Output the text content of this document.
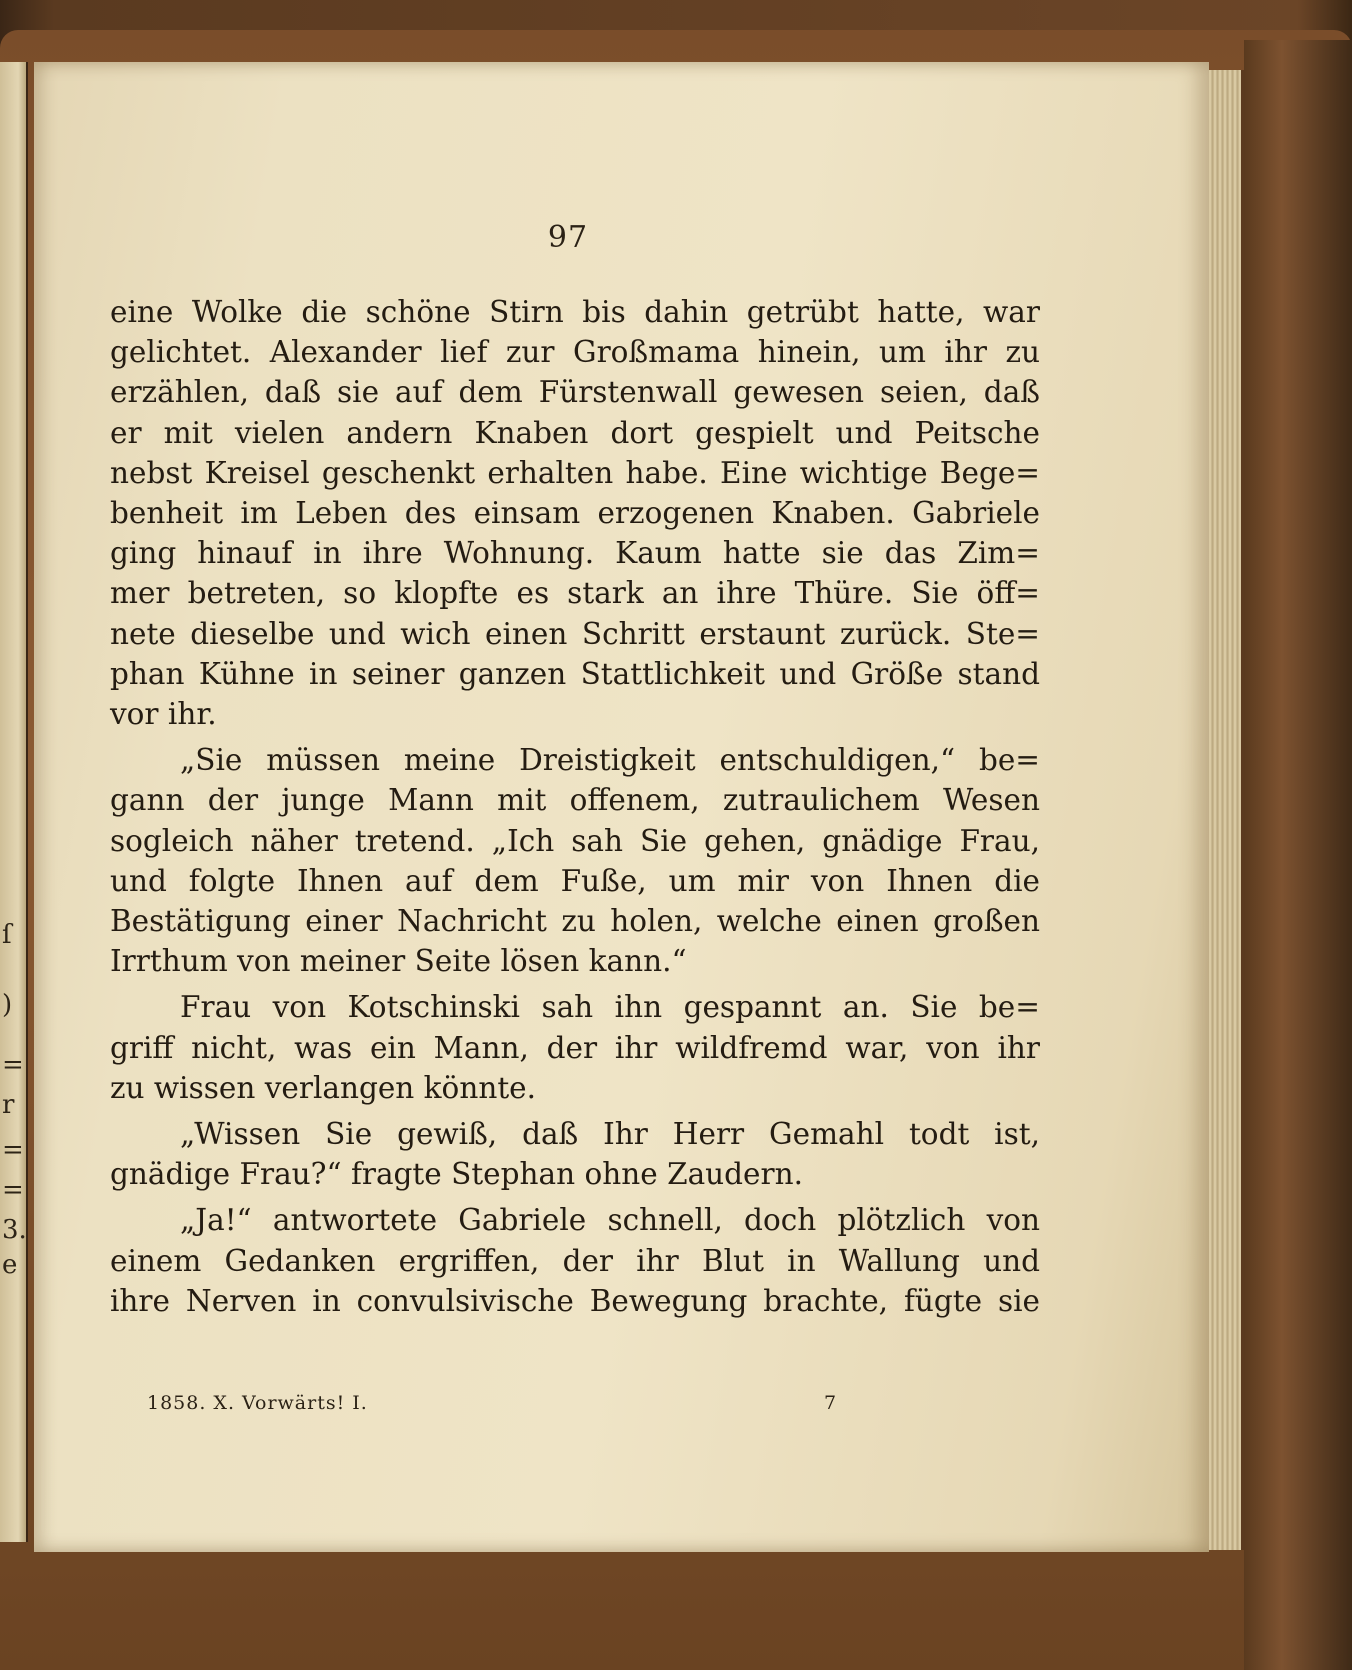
ſ
)
=
r
=
=
3.
e
97
eine Wolke die schöne Stirn bis dahin getrübt hatte, war
gelichtet. Alexander lief zur Großmama hinein, um ihr zu
erzählen, daß sie auf dem Fürstenwall gewesen seien, daß
er mit vielen andern Knaben dort gespielt und Peitsche
nebst Kreisel geschenkt erhalten habe. Eine wichtige Bege=
benheit im Leben des einsam erzogenen Knaben. Gabriele
ging hinauf in ihre Wohnung. Kaum hatte sie das Zim=
mer betreten, so klopfte es stark an ihre Thüre. Sie öff=
nete dieselbe und wich einen Schritt erstaunt zurück. Ste=
phan Kühne in seiner ganzen Stattlichkeit und Größe stand
vor ihr.
„Sie müssen meine Dreistigkeit entschuldigen,“ be=
gann der junge Mann mit offenem, zutraulichem Wesen
sogleich näher tretend. „Ich sah Sie gehen, gnädige Frau,
und folgte Ihnen auf dem Fuße, um mir von Ihnen die
Bestätigung einer Nachricht zu holen, welche einen großen
Irrthum von meiner Seite lösen kann.“
Frau von Kotschinski sah ihn gespannt an. Sie be=
griff nicht, was ein Mann, der ihr wildfremd war, von ihr
zu wissen verlangen könnte.
„Wissen Sie gewiß, daß Ihr Herr Gemahl todt ist,
gnädige Frau?“ fragte Stephan ohne Zaudern.
„Ja!“ antwortete Gabriele schnell, doch plötzlich von
einem Gedanken ergriffen, der ihr Blut in Wallung und
ihre Nerven in convulsivische Bewegung brachte, fügte sie
1858. X. Vorwärts! I.	7
